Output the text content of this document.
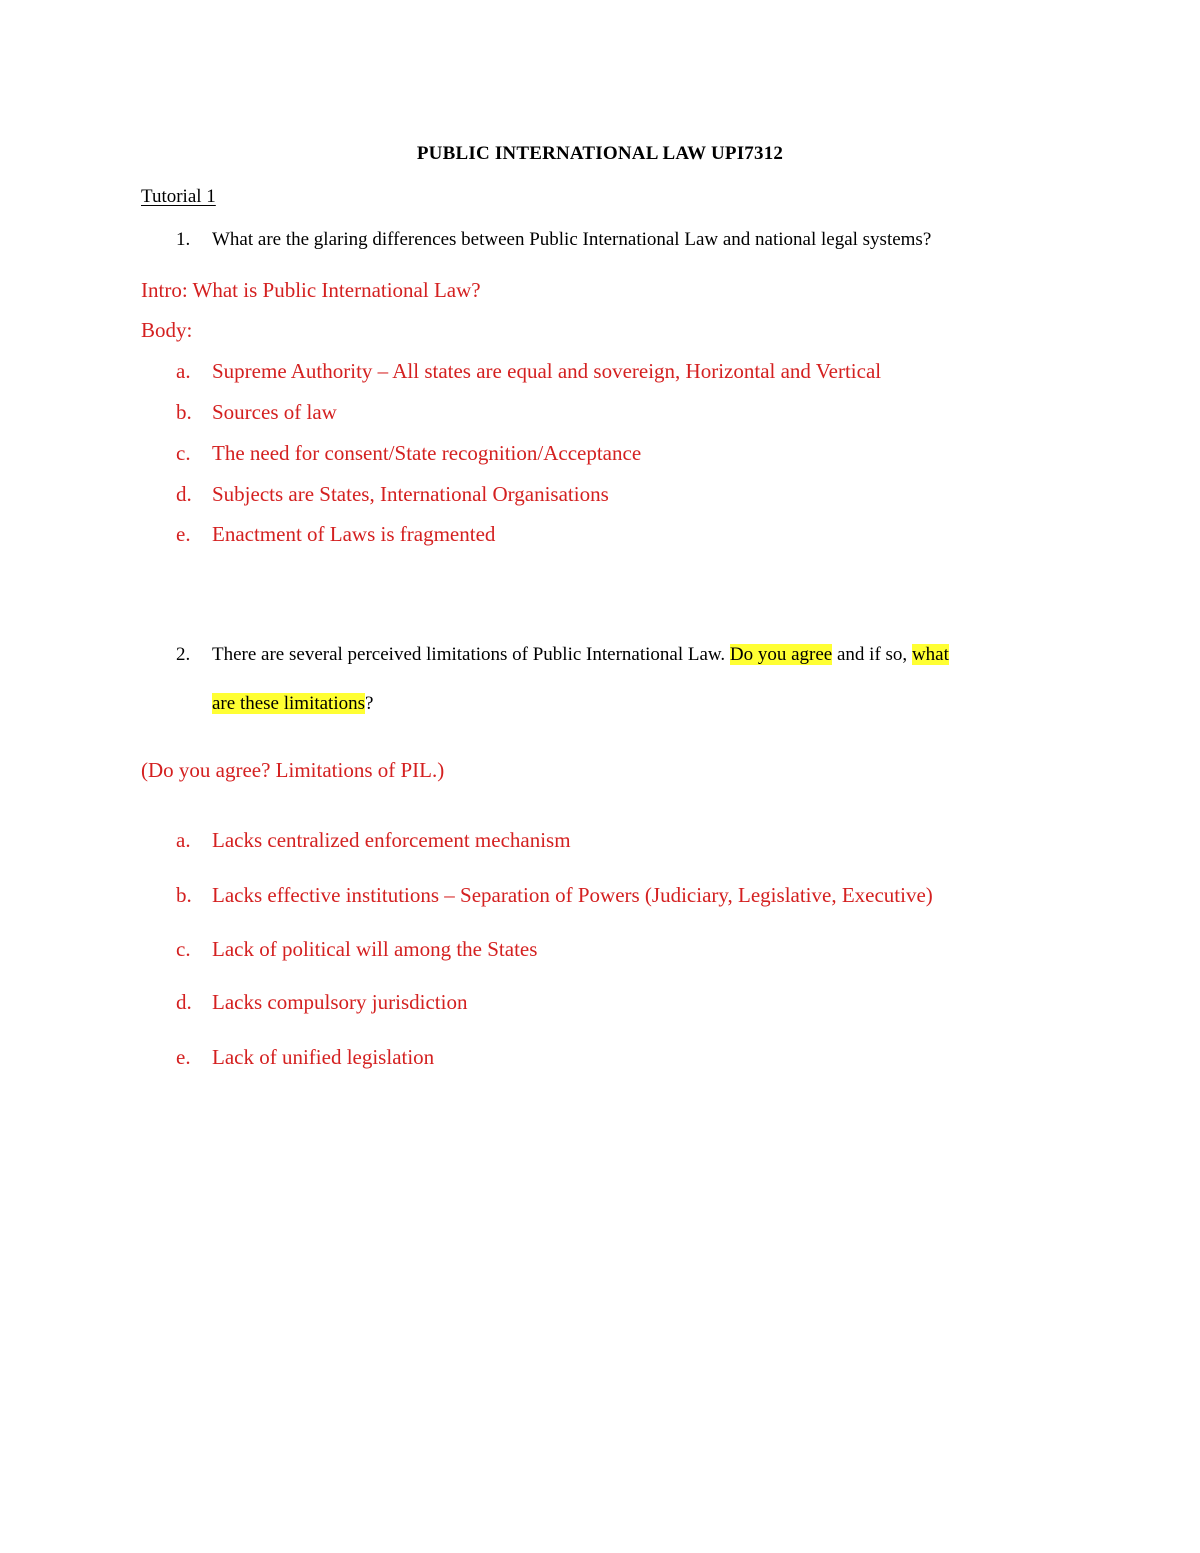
PUBLIC INTERNATIONAL LAW UPI7312
Tutorial 1
1. What are the glaring differences between Public International Law and national legal systems?
Intro: What is Public International Law?
Body:
a. Supreme Authority – All states are equal and sovereign, Horizontal and Vertical
b. Sources of law
c. The need for consent/State recognition/Acceptance
d. Subjects are States, International Organisations
e. Enactment of Laws is fragmented
2. There are several perceived limitations of Public International Law. Do you agree and if so, what
are these limitations?
(Do you agree? Limitations of PIL.)
a. Lacks centralized enforcement mechanism
b. Lacks effective institutions – Separation of Powers (Judiciary, Legislative, Executive)
c. Lack of political will among the States
d. Lacks compulsory jurisdiction
e. Lack of unified legislation
